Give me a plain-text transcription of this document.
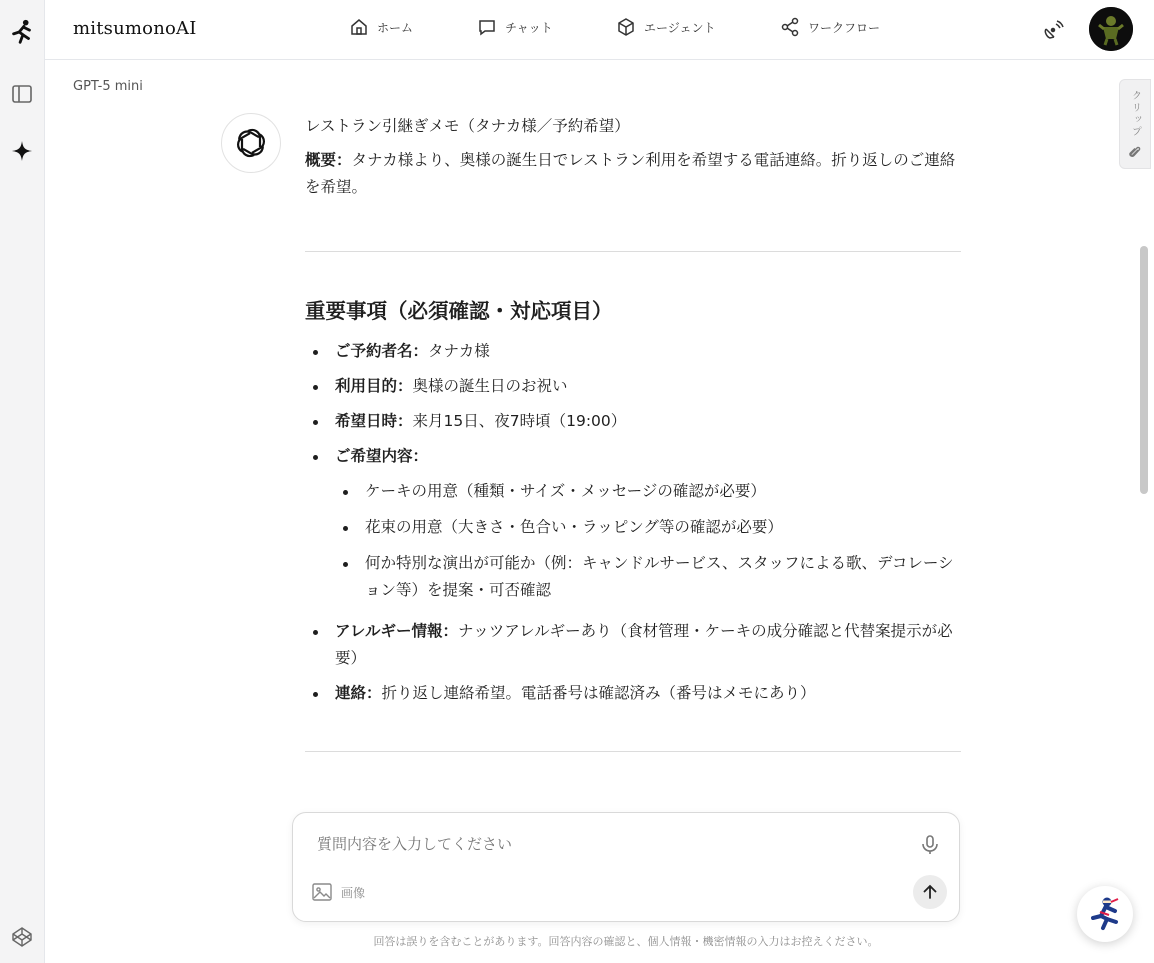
mitsumonoAI	ホーム	チャット	エージェント	ワークフロー
GPT-5 mini
クリップ
レストラン引継ぎメモ（タナカ様／予約希望）
概要：タナカ様より、奥様の誕生日でレストラン利用を希望する電話連絡。折り返しのご連絡を希望。
重要事項（必須確認・対応項目）
ご予約者名：タナカ様
利用目的：奥様の誕生日のお祝い
希望日時：来月15日、夜7時頃（19:00）
ご希望内容：
ケーキの用意（種類・サイズ・メッセージの確認が必要）
花束の用意（大きさ・色合い・ラッピング等の確認が必要）
何か特別な演出が可能か（例：キャンドルサービス、スタッフによる歌、デコレーション等）を提案・可否確認
アレルギー情報：ナッツアレルギーあり（食材管理・ケーキの成分確認と代替案提示が必要）
連絡：折り返し連絡希望。電話番号は確認済み（番号はメモにあり）
質問内容を入力してください
画像
回答は誤りを含むことがあります。回答内容の確認と、個人情報・機密情報の入力はお控えください。
